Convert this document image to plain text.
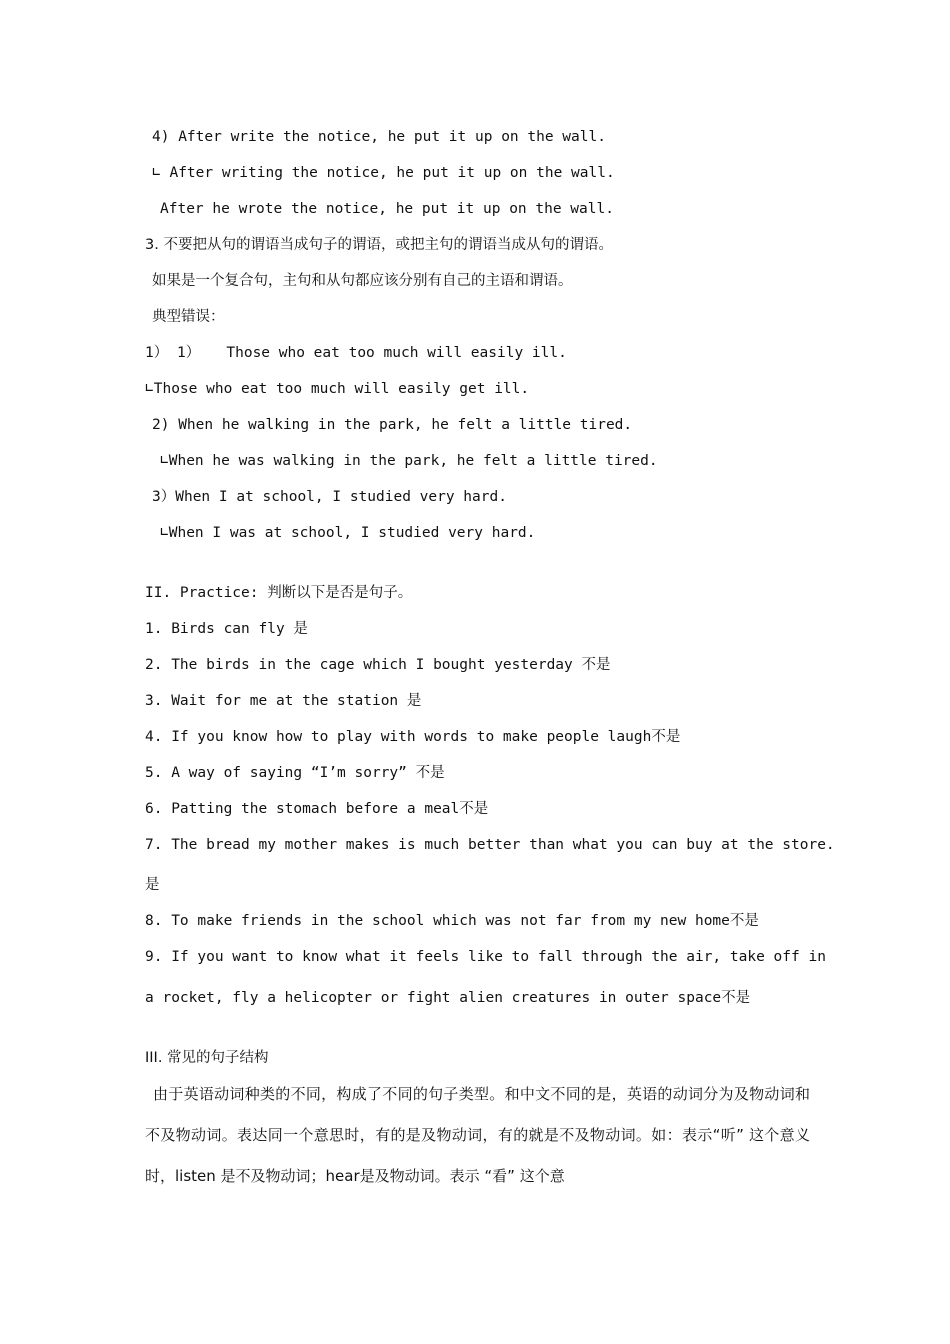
4) After write the notice, he put it up on the wall.
∟ After writing the notice, he put it up on the wall.
After he wrote the notice, he put it up on the wall.
3. 不要把从句的谓语当成句子的谓语，或把主句的谓语当成从句的谓语。
如果是一个复合句，主句和从句都应该分别有自己的主语和谓语。
典型错误：
1） 1）   Those who eat too much will easily ill.
∟Those who eat too much will easily get ill.
2) When he walking in the park, he felt a little tired.
∟When he was walking in the park, he felt a little tired.
3）When I at school, I studied very hard.
∟When I was at school, I studied very hard.
II. Practice: 判断以下是否是句子。
1. Birds can fly 是
2. The birds in the cage which I bought yesterday 不是
3. Wait for me at the station 是
4. If you know how to play with words to make people laugh不是
5. A way of saying “I’m sorry” 不是
6. Patting the stomach before a meal不是
7. The bread my mother makes is much better than what you can buy at the store.
是
8. To make friends in the school which was not far from my new home不是
9. If you want to know what it feels like to fall through the air, take off in
a rocket, fly a helicopter or fight alien creatures in outer space不是
III. 常见的句子结构
由于英语动词种类的不同，构成了不同的句子类型。和中文不同的是，英语的动词分为及物动词和不及物动词。表达同一个意思时，有的是及物动词，有的就是不及物动词。如：表示“听” 这个意义时，listen 是不及物动词；hear是及物动词。表示 “看” 这个意
